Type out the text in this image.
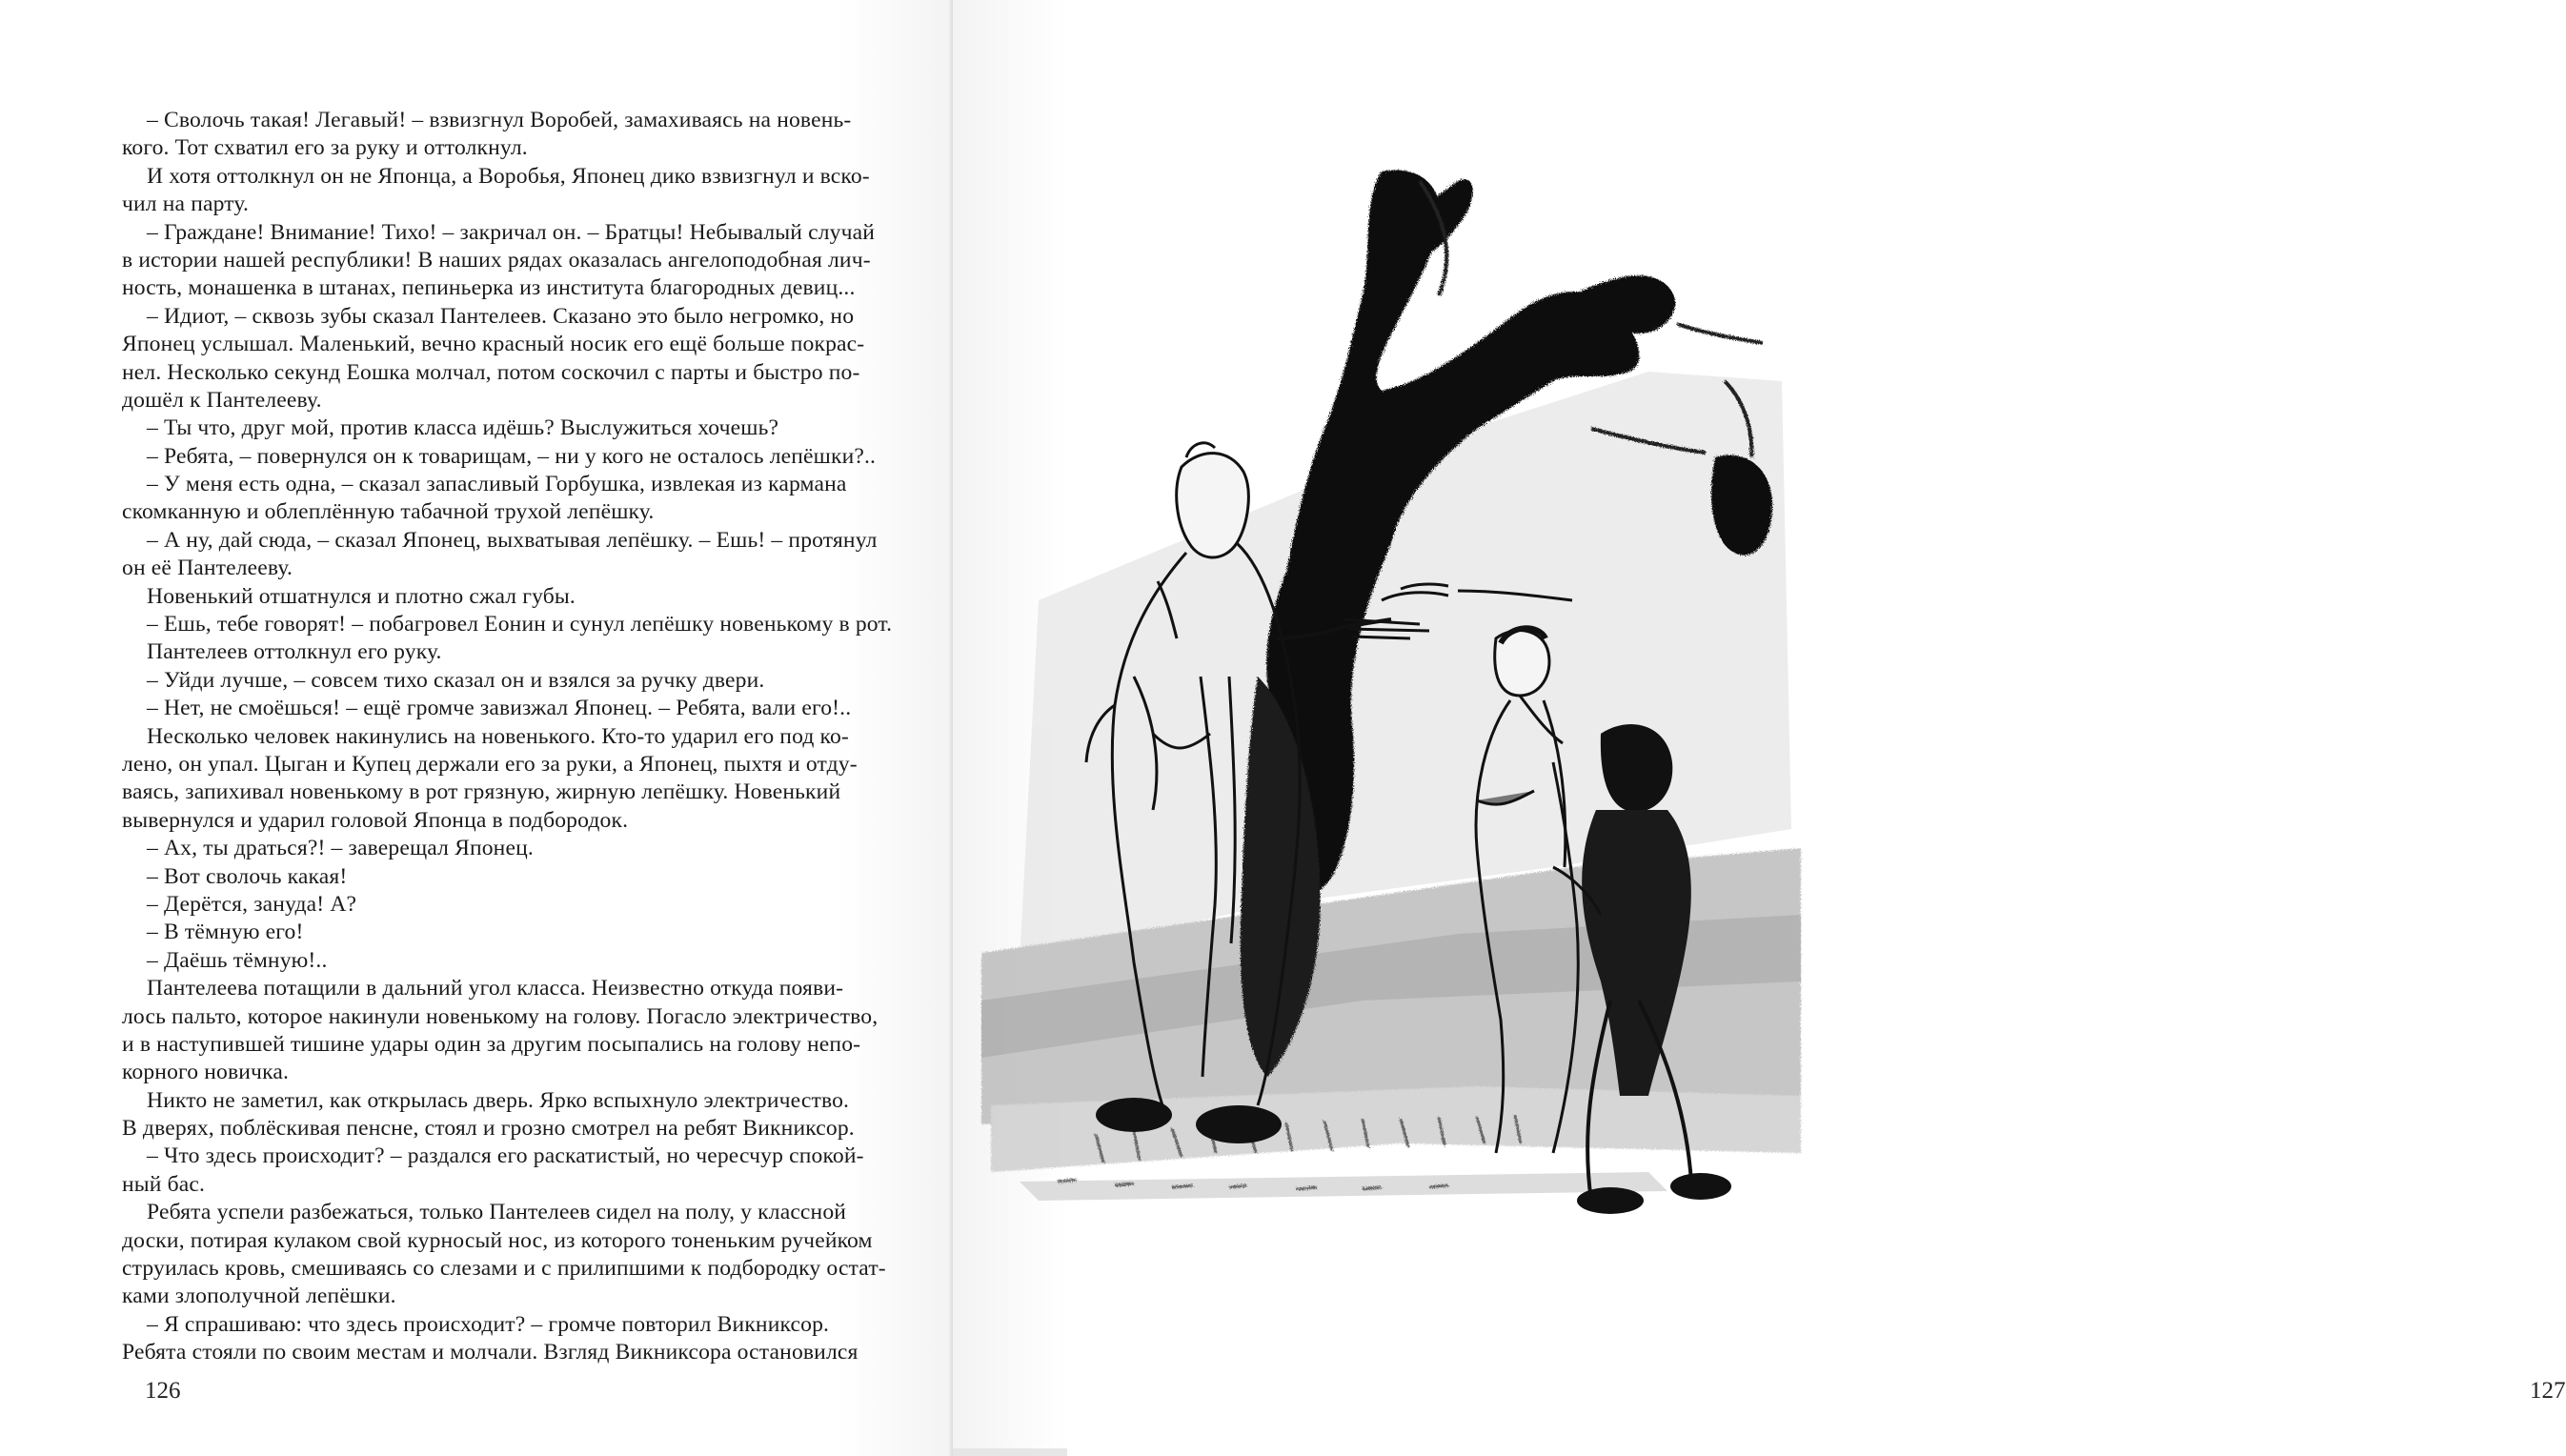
– Сволочь такая! Легавый! – взвизгнул Воробей, замахиваясь на новень-
кого. Тот схватил его за руку и оттолкнул.
И хотя оттолкнул он не Японца, а Воробья, Японец дико взвизгнул и вско-
чил на парту.
– Граждане! Внимание! Тихо! – закричал он. – Братцы! Небывалый случай
в истории нашей республики! В наших рядах оказалась ангелоподобная лич-
ность, монашенка в штанах, пепиньерка из института благородных девиц...
– Идиот, – сквозь зубы сказал Пантелеев. Сказано это было негромко, но
Японец услышал. Маленький, вечно красный носик его ещё больше покрас-
нел. Несколько секунд Еошка молчал, потом соскочил с парты и быстро по-
дошёл к Пантелееву.
– Ты что, друг мой, против класса идёшь? Выслужиться хочешь?
– Ребята, – повернулся он к товарищам, – ни у кого не осталось лепёшки?..
– У меня есть одна, – сказал запасливый Горбушка, извлекая из кармана
скомканную и облеплённую табачной трухой лепёшку.
– А ну, дай сюда, – сказал Японец, выхватывая лепёшку. – Ешь! – протянул
он её Пантелееву.
Новенький отшатнулся и плотно сжал губы.
– Ешь, тебе говорят! – побагровел Еонин и сунул лепёшку новенькому в рот.
Пантелеев оттолкнул его руку.
– Уйди лучше, – совсем тихо сказал он и взялся за ручку двери.
– Нет, не смоёшься! – ещё громче завизжал Японец. – Ребята, вали его!..
Несколько человек накинулись на новенького. Кто-то ударил его под ко-
лено, он упал. Цыган и Купец держали его за руки, а Японец, пыхтя и отду-
ваясь, запихивал новенькому в рот грязную, жирную лепёшку. Новенький
вывернулся и ударил головой Японца в подбородок.
– Ах, ты драться?! – заверещал Японец.
– Вот сволочь какая!
– Дерётся, зануда! А?
– В тёмную его!
– Даёшь тёмную!..
Пантелеева потащили в дальний угол класса. Неизвестно откуда появи-
лось пальто, которое накинули новенькому на голову. Погасло электричество,
и в наступившей тишине удары один за другим посыпались на голову непо-
корного новичка.
Никто не заметил, как открылась дверь. Ярко вспыхнуло электричество.
В дверях, поблёскивая пенсне, стоял и грозно смотрел на ребят Викниксор.
– Что здесь происходит? – раздался его раскатистый, но чересчур спокой-
ный бас.
Ребята успели разбежаться, только Пантелеев сидел на полу, у классной
доски, потирая кулаком свой курносый нос, из которого тоненьким ручейком
струилась кровь, смешиваясь со слезами и с прилипшими к подбородку остат-
ками злополучной лепёшки.
– Я спрашиваю: что здесь происходит? – громче повторил Викниксор.
Ребята стояли по своим местам и молчали. Взгляд Викниксора остановился
126	127
